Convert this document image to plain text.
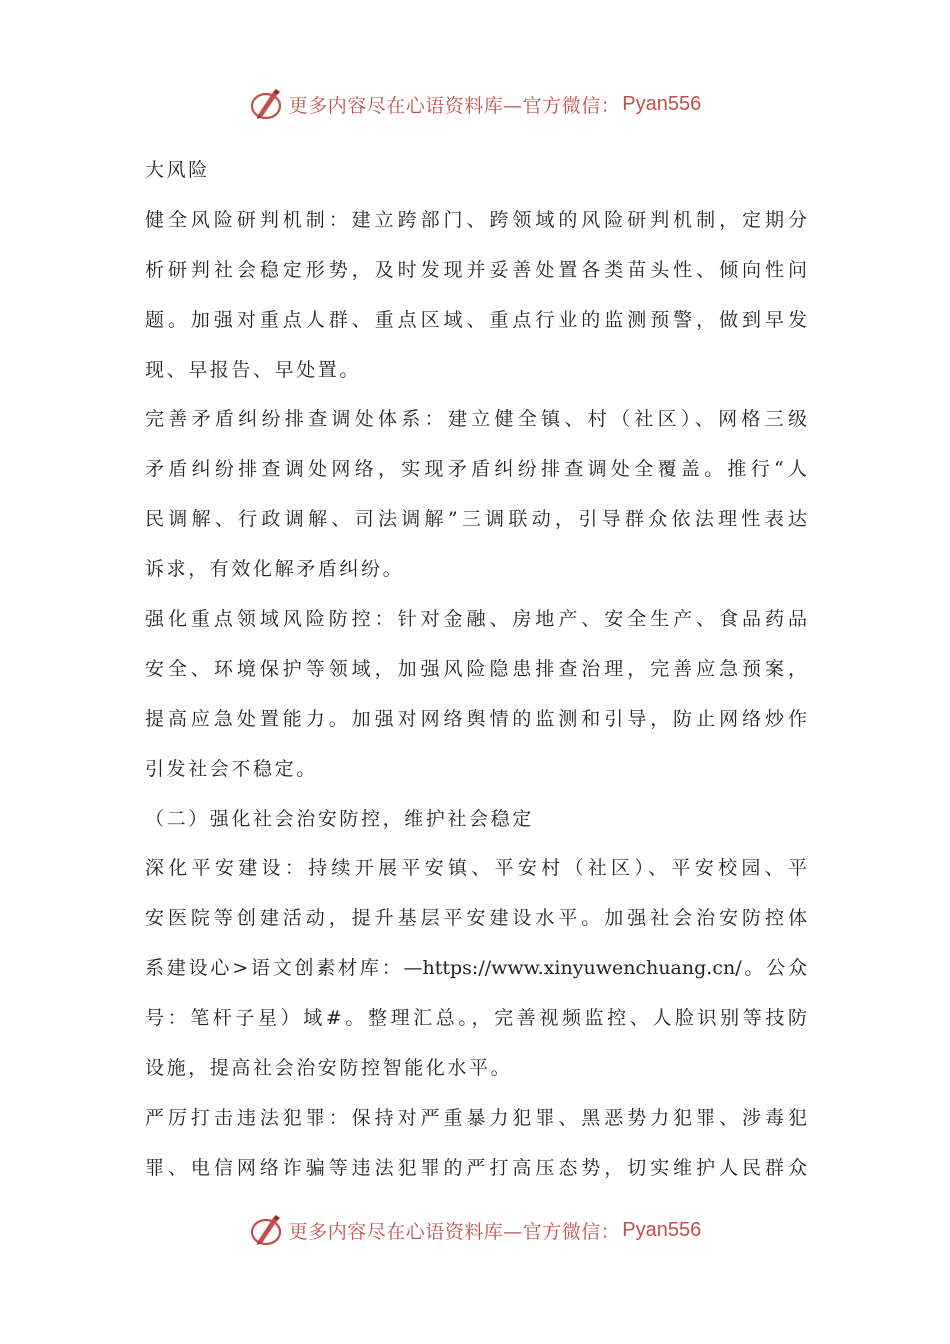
更多内容尽在心语资料库—官方微信： Pyan556
大风险
健全风险研判机制：建立跨部门、跨领域的风险研判机制，定期分
析研判社会稳定形势，及时发现并妥善处置各类苗头性、倾向性问
题。加强对重点人群、重点区域、重点行业的监测预警，做到早发
现、早报告、早处置。
完善矛盾纠纷排查调处体系：建立健全镇、村（社区）、网格三级
矛盾纠纷排查调处网络，实现矛盾纠纷排查调处全覆盖。推行“人
民调解、行政调解、司法调解”三调联动，引导群众依法理性表达
诉求，有效化解矛盾纠纷。
强化重点领域风险防控：针对金融、房地产、安全生产、食品药品
安全、环境保护等领域，加强风险隐患排查治理，完善应急预案，
提高应急处置能力。加强对网络舆情的监测和引导，防止网络炒作
引发社会不稳定。
（二）强化社会治安防控，维护社会稳定
深化平安建设：持续开展平安镇、平安村（社区）、平安校园、平
安医院等创建活动，提升基层平安建设水平。加强社会治安防控体
系建设心>语文创素材库：—https://www.xinyuwenchuang.cn/。公众
号：笔杆子星）域#。整理汇总。，完善视频监控、人脸识别等技防
设施，提高社会治安防控智能化水平。
严厉打击违法犯罪：保持对严重暴力犯罪、黑恶势力犯罪、涉毒犯
罪、电信网络诈骗等违法犯罪的严打高压态势，切实维护人民群众
更多内容尽在心语资料库—官方微信： Pyan556
